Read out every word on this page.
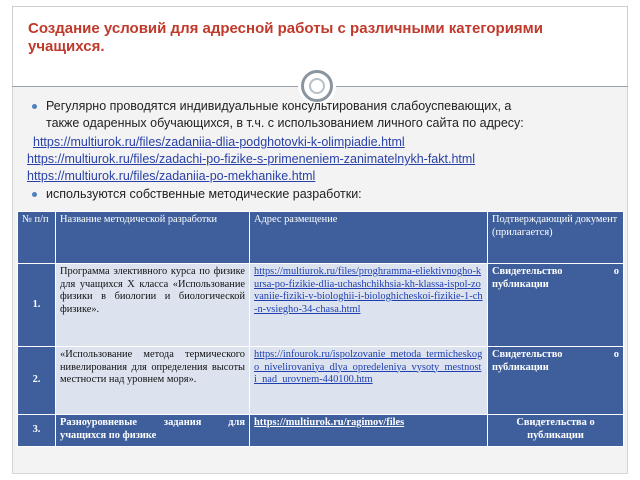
Создание условий для адресной работы с различными категориями учащихся.
Регулярно проводятся индивидуальные консультирования слабоуспевающих, а
также одаренных обучающихся, в т.ч. с использованием личного сайта по адресу:
https://multiurok.ru/files/zadaniia-dlia-podghotovki-k-olimpiadie.html
https://multiurok.ru/files/zadachi-po-fizike-s-primeneniem-zanimatelnykh-fakt.html
https://multiurok.ru/files/zadaniia-po-mekhanike.html
используются собственные методические разработки:
№ п/п	Название методической разработки	Адрес размещение	Подтверждающий документ (прилагается)
1.	Программа элективного курса по физике для учащихся Х класса «Использование физики в биологии и биологической физике».	https://multiurok.ru/files/proghramma-eliektivnogho-kursa-po-fizikie-dlia-uchashchikhsia-kh-klassa-ispol-zovaniie-fiziki-v-biologhii-i-biologhicheskoi-fizikie-1-ch-n-vsiegho-34-chasa.html	Свидетельство о публикации
2.	«Использование метода термического нивелирования для определения высоты местности над уровнем моря».	https://infourok.ru/ispolzovanie_metoda_termicheskogo_nivelirovaniya_dlya_opredeleniya_vysoty_mestnosti_nad_urovnem-440100.htm	Свидетельство о публикации
3.	Разноуровневые задания для учащихся по физике	https://multiurok.ru/ragimov/files	Свидетельства о публикации
